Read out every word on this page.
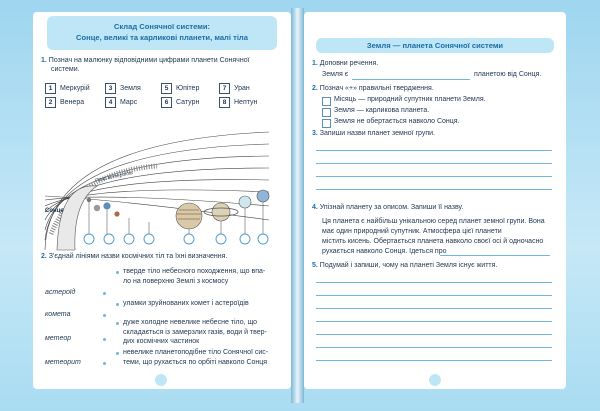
Склад Сонячної системи:
Сонце, великі та карликові планети, малі тіла
1. Познач на малюнку відповідними цифрами планети Сонячної
системи.
1 Меркурій	3 Земля	5 Юпітер	7 Уран
2 Венера	4 Марс	6 Сатурн	8 Нептун
Сонце
Пояс астероїдів
2. З'єднай лініями назви космічних тіл та їхні визначення.
астероїд
комета
метеор
метеорит
тверде тіло небесного походження, що впа-
ло на поверхню Землі з космосу
уламки зруйнованих комет і астероїдів
дуже холодне невелике небесне тіло, що
складається із замерзлих газів, води й твер-
дих космічних частинок
невелике планетоподібне тіло Сонячної сис-
теми, що рухається по орбіті навколо Сонця
Земля — планета Сонячної системи
1. Доповни речення.
Земля є	планетою від Сонця.
2. Познач «+» правильні твердження.
Місяць — природний супутник планети Земля.
Земля — карликова планета.
Земля не обертається навколо Сонця.
3. Запиши назви планет земної групи.
4. Упізнай планету за описом. Запиши її назву.
Ця планета є найбільш унікальною серед планет земної групи. Вона
має один природний супутник. Атмосфера цієї планети
містить кисень. Обертається планета навколо своєї осі й одночасно
рухається навколо Сонця. Ідеться про
5. Подумай і запиши, чому на планеті Земля існує життя.
